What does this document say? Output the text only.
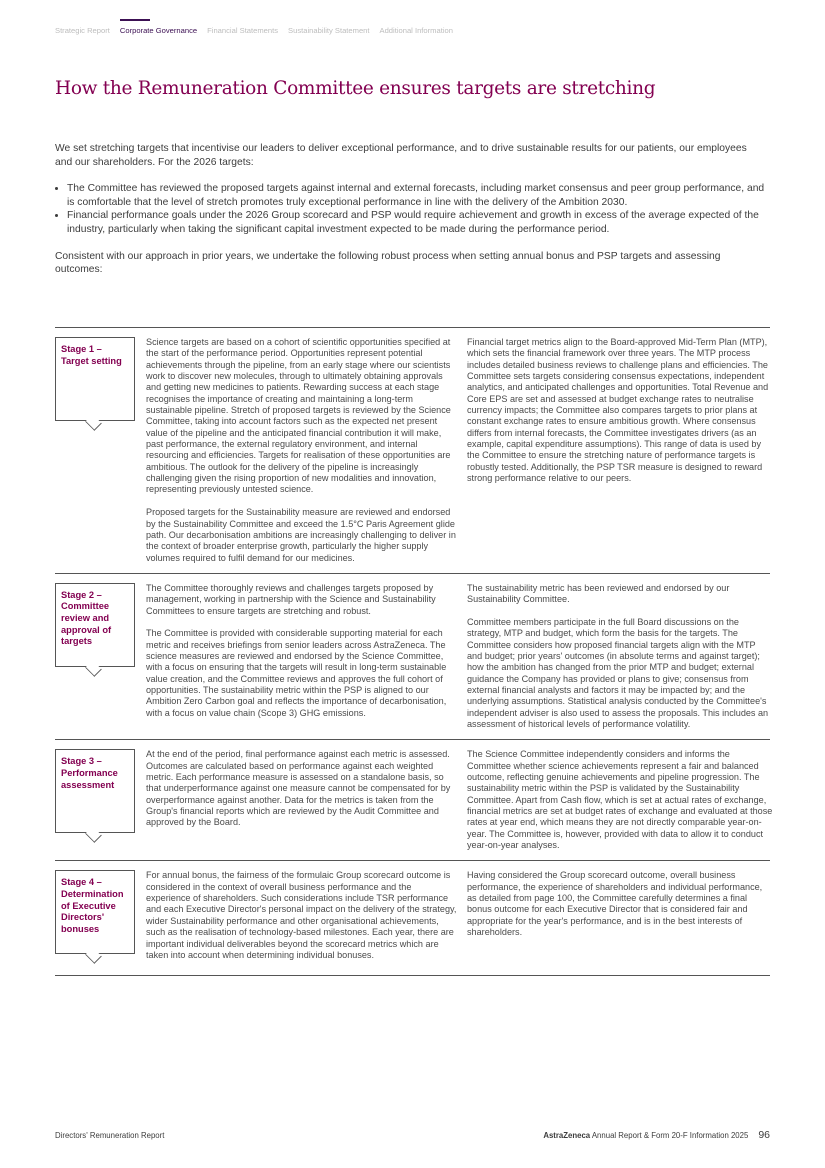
Strategic Report Corporate Governance Financial Statements Sustainability Statement Additional Information
How the Remuneration Committee ensures targets are stretching

We set stretching targets that incentivise our leaders to deliver exceptional performance, and to drive sustainable results for our patients, our employees and our shareholders. For the 2026 targets:

• The Committee has reviewed the proposed targets against internal and external forecasts, including market consensus and peer group performance, and is comfortable that the level of stretch promotes truly exceptional performance in line with the delivery of the Ambition 2030.
• Financial performance goals under the 2026 Group scorecard and PSP would require achievement and growth in excess of the average expected of the industry, particularly when taking the significant capital investment expected to be made during the performance period.

Consistent with our approach in prior years, we undertake the following robust process when setting annual bonus and PSP targets and assessing outcomes:

Stage 1 – Target setting

Science targets are based on a cohort of scientific opportunities specified at the start of the performance period. Opportunities represent potential achievements through the pipeline, from an early stage where our scientists work to discover new molecules, through to ultimately obtaining approvals and getting new medicines to patients. Rewarding success at each stage recognises the importance of creating and maintaining a long-term sustainable pipeline. Stretch of proposed targets is reviewed by the Science Committee, taking into account factors such as the expected net present value of the pipeline and the anticipated financial contribution it will make, past performance, the external regulatory environment, and internal resourcing and efficiencies. Targets for realisation of these opportunities are ambitious. The outlook for the delivery of the pipeline is increasingly challenging given the rising proportion of new modalities and innovation, representing previously untested science.

Proposed targets for the Sustainability measure are reviewed and endorsed by the Sustainability Committee and exceed the 1.5°C Paris Agreement glide path. Our decarbonisation ambitions are increasingly challenging to deliver in the context of broader enterprise growth, particularly the higher supply volumes required to fulfil demand for our medicines.

Financial target metrics align to the Board-approved Mid-Term Plan (MTP), which sets the financial framework over three years. The MTP process includes detailed business reviews to challenge plans and efficiencies. The Committee sets targets considering consensus expectations, independent analytics, and anticipated challenges and opportunities. Total Revenue and Core EPS are set and assessed at budget exchange rates to neutralise currency impacts; the Committee also compares targets to prior plans at constant exchange rates to ensure ambitious growth. Where consensus differs from internal forecasts, the Committee investigates drivers (as an example, capital expenditure assumptions). This range of data is used by the Committee to ensure the stretching nature of performance targets is robustly tested. Additionally, the PSP TSR measure is designed to reward strong performance relative to our peers.

Stage 2 – Committee review and approval of targets

The Committee thoroughly reviews and challenges targets proposed by management, working in partnership with the Science and Sustainability Committees to ensure targets are stretching and robust.

The Committee is provided with considerable supporting material for each metric and receives briefings from senior leaders across AstraZeneca. The science measures are reviewed and endorsed by the Science Committee, with a focus on ensuring that the targets will result in long-term sustainable value creation, and the Committee reviews and approves the full cohort of opportunities. The sustainability metric within the PSP is aligned to our Ambition Zero Carbon goal and reflects the importance of decarbonisation, with a focus on value chain (Scope 3) GHG emissions.

The sustainability metric has been reviewed and endorsed by our Sustainability Committee.

Committee members participate in the full Board discussions on the strategy, MTP and budget, which form the basis for the targets. The Committee considers how proposed financial targets align with the MTP and budget; prior years' outcomes (in absolute terms and against target); how the ambition has changed from the prior MTP and budget; external guidance the Company has provided or plans to give; consensus from external financial analysts and factors it may be impacted by; and the underlying assumptions. Statistical analysis conducted by the Committee's independent adviser is also used to assess the proposals. This includes an assessment of historical levels of performance volatility.

Stage 3 – Performance assessment

At the end of the period, final performance against each metric is assessed. Outcomes are calculated based on performance against each weighted metric. Each performance measure is assessed on a standalone basis, so that underperformance against one measure cannot be compensated for by overperformance against another. Data for the metrics is taken from the Group's financial reports which are reviewed by the Audit Committee and approved by the Board.

The Science Committee independently considers and informs the Committee whether science achievements represent a fair and balanced outcome, reflecting genuine achievements and pipeline progression. The sustainability metric within the PSP is validated by the Sustainability Committee. Apart from Cash flow, which is set at actual rates of exchange, financial metrics are set at budget rates of exchange and evaluated at those rates at year end, which means they are not directly comparable year-on-year. The Committee is, however, provided with data to allow it to conduct year-on-year analyses.

Stage 4 – Determination of Executive Directors' bonuses

For annual bonus, the fairness of the formulaic Group scorecard outcome is considered in the context of overall business performance and the experience of shareholders. Such considerations include TSR performance and each Executive Director's personal impact on the delivery of the strategy, wider Sustainability performance and other organisational achievements, such as the realisation of technology-based milestones. Each year, there are important individual deliverables beyond the scorecard metrics which are taken into account when determining individual bonuses.

Having considered the Group scorecard outcome, overall business performance, the experience of shareholders and individual performance, as detailed from page 100, the Committee carefully determines a final bonus outcome for each Executive Director that is considered fair and appropriate for the year's performance, and is in the best interests of shareholders.

Directors' Remuneration Report	AstraZeneca Annual Report & Form 20-F Information 2025 96
